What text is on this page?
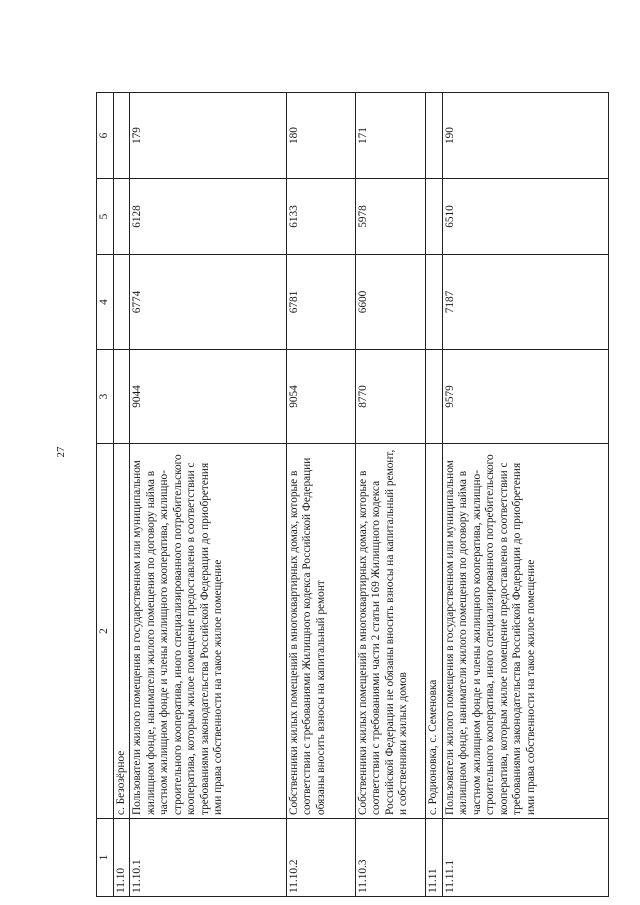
27
1	2	3	4	5	6
11.10	с. Безозёрное				
11.10.1	Пользователи жилого помещения в государственном или муниципальном жилищном фонде, наниматели жилого помещения по договору найма в частном жилищном фонде и члены жилищного кооператива, жилищно-строительного кооператива, иного специализированного потребительского кооператива, которым жилое помещение предоставлено в соответствии с требованиями законодательства Российской Федерации до приобретения ими права собственности на такое жилое помещение	9044	6774	6128	179
11.10.2	Собственники жилых помещений в многоквартирных домах, которые в соответствии с требованиями Жилищного кодекса Российской Федерации обязаны вносить взносы на капитальный ремонт	9054	6781	6133	180
11.10.3	Собственники жилых помещений в многоквартирных домах, которые в соответствии с требованиями части 2 статьи 169 Жилищного кодекса Российской Федерации не обязаны вносить взносы на капитальный ремонт, и собственники жилых домов	8770	6600	5978	171
11.11	с. Родионовка, с. Семеновка				
11.11.1	Пользователи жилого помещения в государственном или муниципальном жилищном фонде, наниматели жилого помещения по договору найма в частном жилищном фонде и члены жилищного кооператива, жилищно-строительного кооператива, иного специализированного потребительского кооператива, которым жилое помещение предоставлено в соответствии с требованиями законодательства Российской Федерации до приобретения ими права собственности на такое жилое помещение	9579	7187	6510	190
